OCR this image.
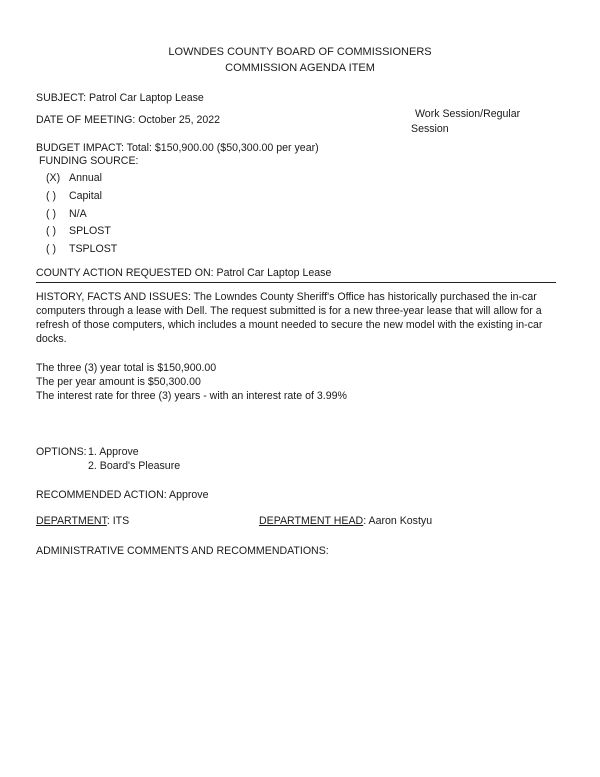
LOWNDES COUNTY BOARD OF COMMISSIONERS
COMMISSION AGENDA ITEM
SUBJECT: Patrol Car Laptop Lease
DATE OF MEETING: October 25, 2022	Work Session/Regular
Session
BUDGET IMPACT: Total: $150,900.00 ($50,300.00 per year)
FUNDING SOURCE:
(X) Annual
( ) Capital
( ) N/A
( ) SPLOST
( ) TSPLOST
COUNTY ACTION REQUESTED ON: Patrol Car Laptop Lease
HISTORY, FACTS AND ISSUES: The Lowndes County Sheriff's Office has historically purchased the in-car computers through a lease with Dell. The request submitted is for a new three-year lease that will allow for a refresh of those computers, which includes a mount needed to secure the new model with the existing in-car docks.
The three (3) year total is $150,900.00
The per year amount is $50,300.00
The interest rate for three (3) years - with an interest rate of 3.99%
OPTIONS: 1. Approve
2. Board's Pleasure
RECOMMENDED ACTION: Approve
DEPARTMENT: ITS	DEPARTMENT HEAD: Aaron Kostyu
ADMINISTRATIVE COMMENTS AND RECOMMENDATIONS:
